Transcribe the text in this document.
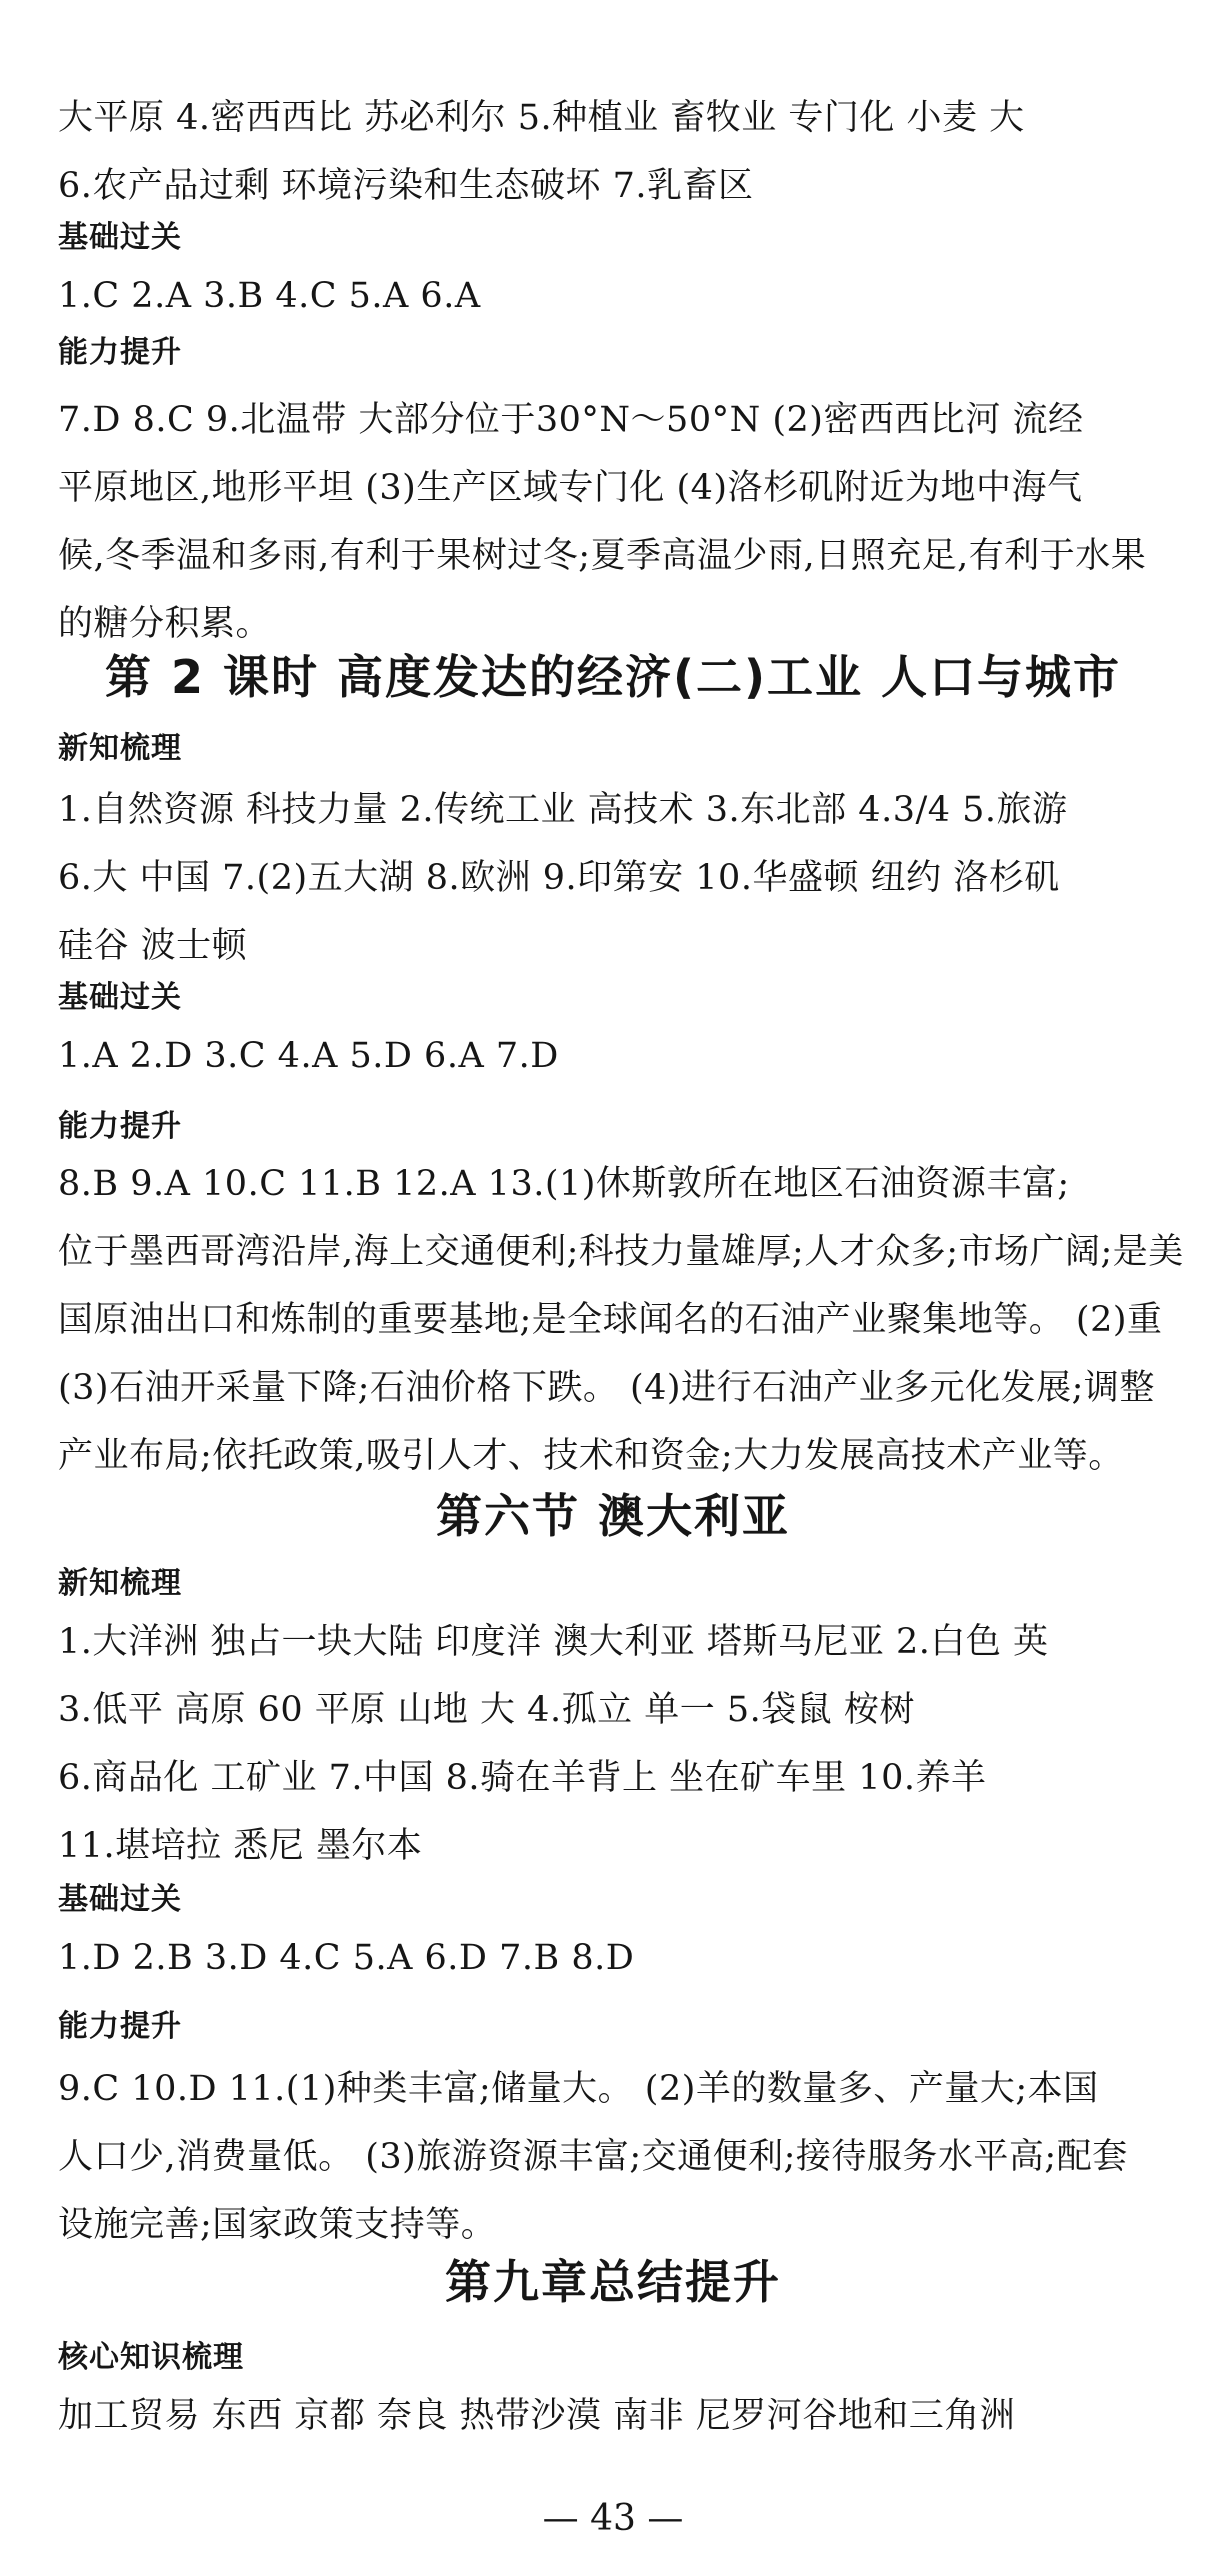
大平原 4.密西西比 苏必利尔 5.种植业 畜牧业 专门化 小麦 大
6.农产品过剩 环境污染和生态破坏 7.乳畜区
基础过关
1.C 2.A 3.B 4.C 5.A 6.A
能力提升
7.D 8.C 9.北温带 大部分位于30°N～50°N (2)密西西比河 流经
平原地区,地形平坦 (3)生产区域专门化 (4)洛杉矶附近为地中海气
候,冬季温和多雨,有利于果树过冬;夏季高温少雨,日照充足,有利于水果
的糖分积累。
第 2 课时 高度发达的经济(二)工业 人口与城市
新知梳理
1.自然资源 科技力量 2.传统工业 高技术 3.东北部 4.3/4 5.旅游
6.大 中国 7.(2)五大湖 8.欧洲 9.印第安 10.华盛顿 纽约 洛杉矶
硅谷 波士顿
基础过关
1.A 2.D 3.C 4.A 5.D 6.A 7.D
能力提升
8.B 9.A 10.C 11.B 12.A 13.(1)休斯敦所在地区石油资源丰富;
位于墨西哥湾沿岸,海上交通便利;科技力量雄厚;人才众多;市场广阔;是美
国原油出口和炼制的重要基地;是全球闻名的石油产业聚集地等。 (2)重
(3)石油开采量下降;石油价格下跌。 (4)进行石油产业多元化发展;调整
产业布局;依托政策,吸引人才、技术和资金;大力发展高技术产业等。
第六节 澳大利亚
新知梳理
1.大洋洲 独占一块大陆 印度洋 澳大利亚 塔斯马尼亚 2.白色 英
3.低平 高原 60 平原 山地 大 4.孤立 单一 5.袋鼠 桉树
6.商品化 工矿业 7.中国 8.骑在羊背上 坐在矿车里 10.养羊
11.堪培拉 悉尼 墨尔本
基础过关
1.D 2.B 3.D 4.C 5.A 6.D 7.B 8.D
能力提升
9.C 10.D 11.(1)种类丰富;储量大。 (2)羊的数量多、产量大;本国
人口少,消费量低。 (3)旅游资源丰富;交通便利;接待服务水平高;配套
设施完善;国家政策支持等。
第九章总结提升
核心知识梳理
加工贸易 东西 京都 奈良 热带沙漠 南非 尼罗河谷地和三角洲
— 43 —
